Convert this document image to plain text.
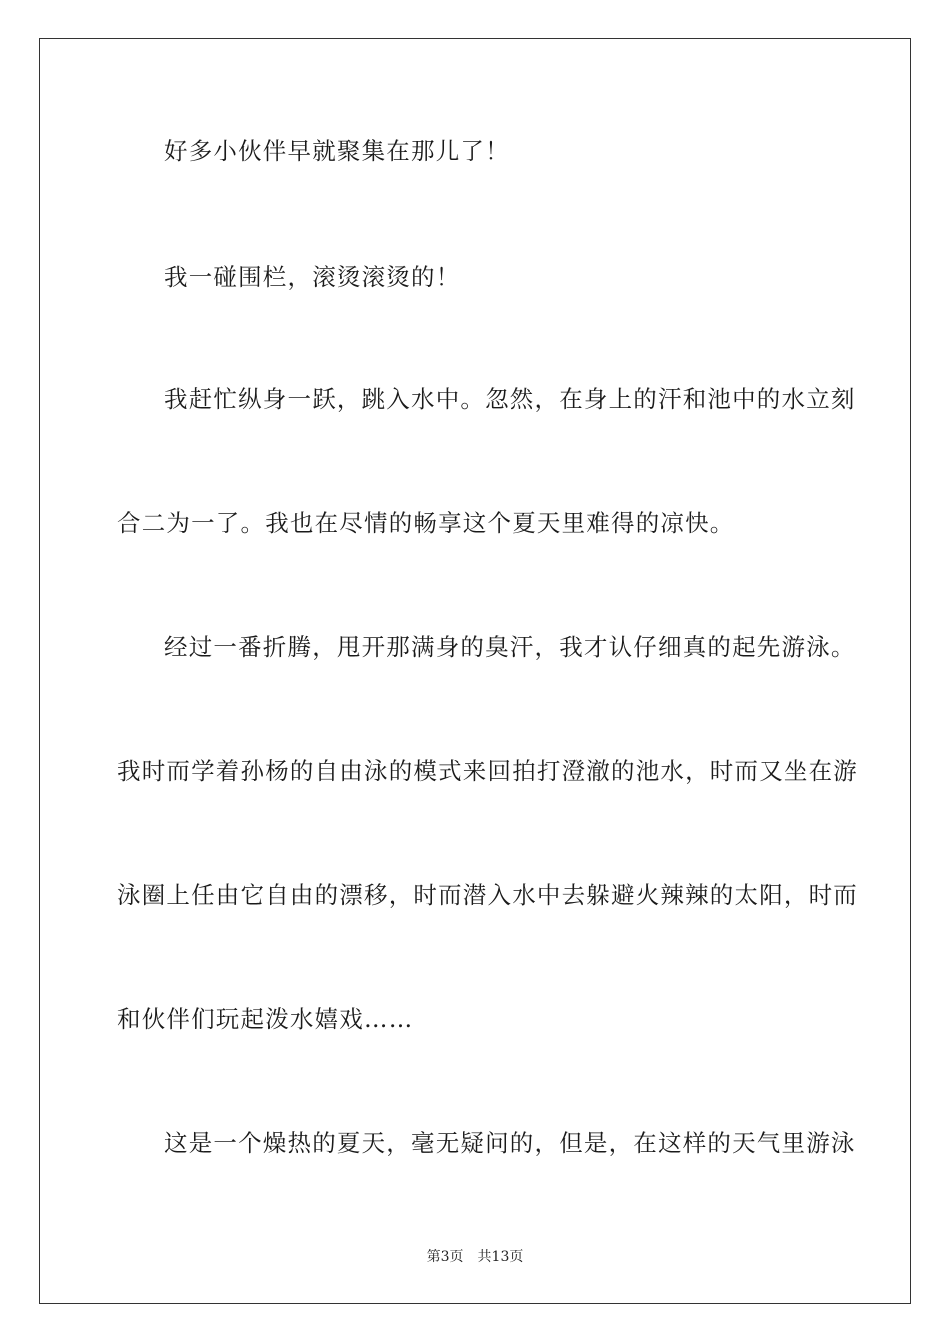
好多小伙伴早就聚集在那儿了！
我一碰围栏，滚烫滚烫的！
我赶忙纵身一跃，跳入水中。忽然，在身上的汗和池中的水立刻
合二为一了。我也在尽情的畅享这个夏天里难得的凉快。
经过一番折腾，甩开那满身的臭汗，我才认仔细真的起先游泳。
我时而学着孙杨的自由泳的模式来回拍打澄澈的池水，时而又坐在游
泳圈上任由它自由的漂移，时而潜入水中去躲避火辣辣的太阳，时而
和伙伴们玩起泼水嬉戏……
这是一个燥热的夏天，毫无疑问的，但是，在这样的天气里游泳
第3页 共13页
